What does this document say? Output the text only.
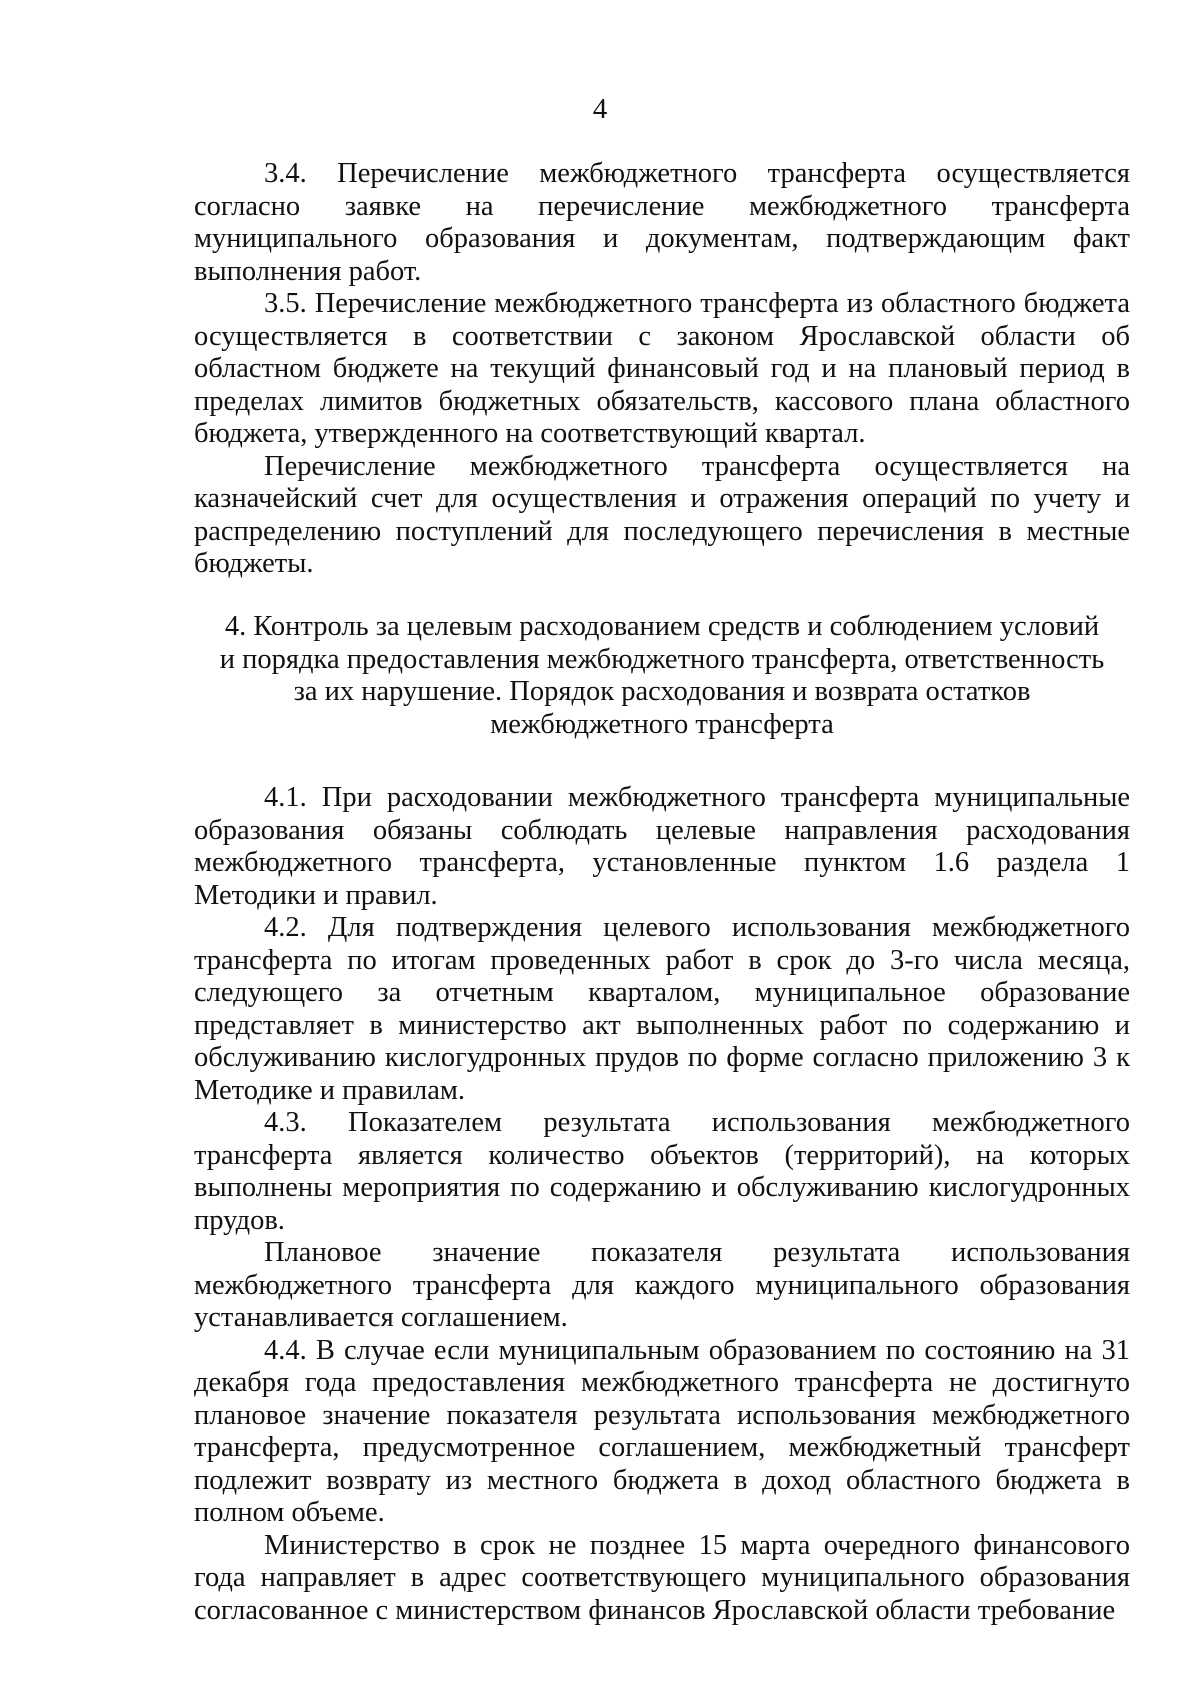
4

3.4. Перечисление межбюджетного трансферта осуществляется согласно заявке на перечисление межбюджетного трансферта муниципального образования и документам, подтверждающим факт выполнения работ.

3.5. Перечисление межбюджетного трансферта из областного бюджета осуществляется в соответствии с законом Ярославской области об областном бюджете на текущий финансовый год и на плановый период в пределах лимитов бюджетных обязательств, кассового плана областного бюджета, утвержденного на соответствующий квартал.

Перечисление межбюджетного трансферта осуществляется на казначейский счет для осуществления и отражения операций по учету и распределению поступлений для последующего перечисления в местные бюджеты.

4. Контроль за целевым расходованием средств и соблюдением условий
и порядка предоставления межбюджетного трансферта, ответственность
за их нарушение. Порядок расходования и возврата остатков
межбюджетного трансферта

4.1. При расходовании межбюджетного трансферта муниципальные образования обязаны соблюдать целевые направления расходования межбюджетного трансферта, установленные пунктом 1.6 раздела 1 Методики и правил.

4.2. Для подтверждения целевого использования межбюджетного трансферта по итогам проведенных работ в срок до 3-го числа месяца, следующего за отчетным кварталом, муниципальное образование представляет в министерство акт выполненных работ по содержанию и обслуживанию кислогудронных прудов по форме согласно приложению 3 к Методике и правилам.

4.3. Показателем результата использования межбюджетного трансферта является количество объектов (территорий), на которых выполнены мероприятия по содержанию и обслуживанию кислогудронных прудов.

Плановое значение показателя результата использования межбюджетного трансферта для каждого муниципального образования устанавливается соглашением.

4.4. В случае если муниципальным образованием по состоянию на 31 декабря года предоставления межбюджетного трансферта не достигнуто плановое значение показателя результата использования межбюджетного трансферта, предусмотренное соглашением, межбюджетный трансферт подлежит возврату из местного бюджета в доход областного бюджета в полном объеме.

Министерство в срок не позднее 15 марта очередного финансового года направляет в адрес соответствующего муниципального образования согласованное с министерством финансов Ярославской области требование
